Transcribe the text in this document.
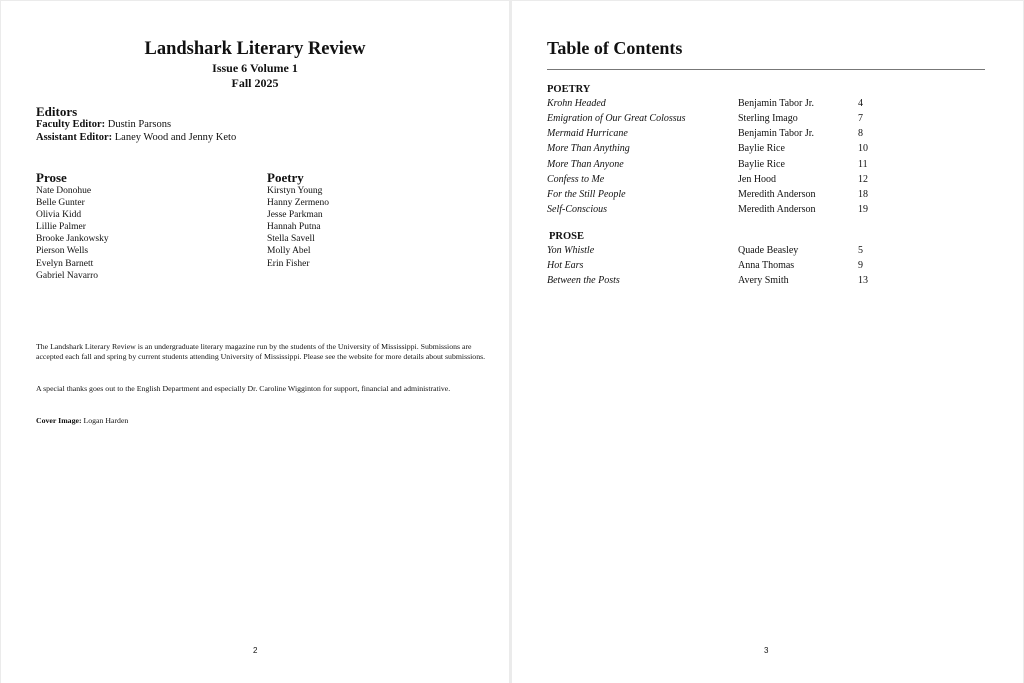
Landshark Literary Review
Issue 6 Volume 1
Fall 2025
Editors
Faculty Editor: Dustin Parsons
Assistant Editor: Laney Wood and Jenny Keto
Prose
Nate Donohue
Belle Gunter
Olivia Kidd
Lillie Palmer
Brooke Jankowsky
Pierson Wells
Evelyn Barnett
Gabriel Navarro
Poetry
Kirstyn Young
Hanny Zermeno
Jesse Parkman
Hannah Putna
Stella Savell
Molly Abel
Erin Fisher
The Landshark Literary Review is an undergraduate literary magazine run by the students of the University of Mississippi. Submissions are accepted each fall and spring by current students attending University of Mississippi. Please see the website for more details about submissions.
A special thanks goes out to the English Department and especially Dr. Caroline Wigginton for support, financial and administrative.
Cover Image: Logan Harden
2
Table of Contents
POETRY
Krohn Headed	Benjamin Tabor Jr.	4
Emigration of Our Great Colossus	Sterling Imago	7
Mermaid Hurricane	Benjamin Tabor Jr.	8
More Than Anything	Baylie Rice	10
More Than Anyone	Baylie Rice	11
Confess to Me	Jen Hood	12
For the Still People	Meredith Anderson	18
Self-Conscious	Meredith Anderson	19
PROSE
Yon Whistle	Quade Beasley	5
Hot Ears	Anna Thomas	9
Between the Posts	Avery Smith	13
3
